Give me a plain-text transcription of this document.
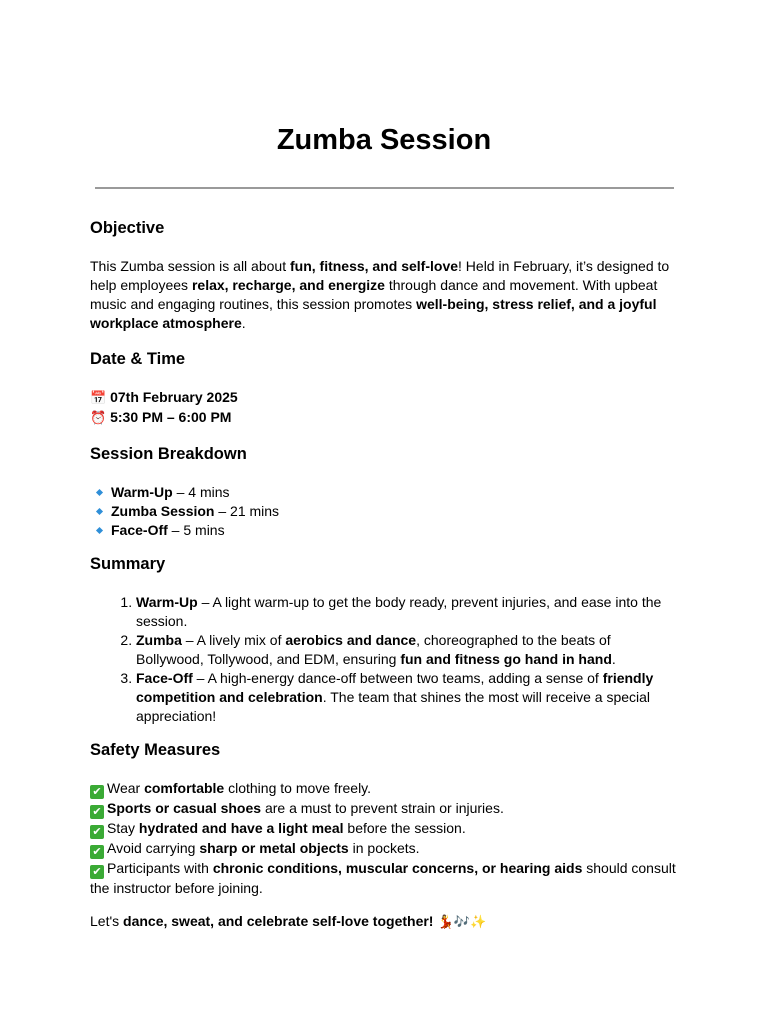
Zumba Session
Objective

This Zumba session is all about fun, fitness, and self-love! Held in February, it’s designed to help employees relax, recharge, and energize through dance and movement. With upbeat music and engaging routines, this session promotes well-being, stress relief, and a joyful workplace atmosphere.

Date & Time

📅 07th February 2025
⏰ 5:30 PM – 6:00 PM

Session Breakdown
Warm-Up – 4 mins
Zumba Session – 21 mins
Face-Off – 5 mins
Summary
1. Warm-Up – A light warm-up to get the body ready, prevent injuries, and ease into the session.
2. Zumba – A lively mix of aerobics and dance, choreographed to the beats of Bollywood, Tollywood, and EDM, ensuring fun and fitness go hand in hand.
3. Face-Off – A high-energy dance-off between two teams, adding a sense of friendly competition and celebration. The team that shines the most will receive a special appreciation!
Safety Measures

✔ Wear comfortable clothing to move freely.
✔ Sports or casual shoes are a must to prevent strain or injuries.
✔ Stay hydrated and have a light meal before the session.
✔ Avoid carrying sharp or metal objects in pockets.
✔ Participants with chronic conditions, muscular concerns, or hearing aids should consult the instructor before joining.

Let's dance, sweat, and celebrate self-love together! 💃🎶✨
